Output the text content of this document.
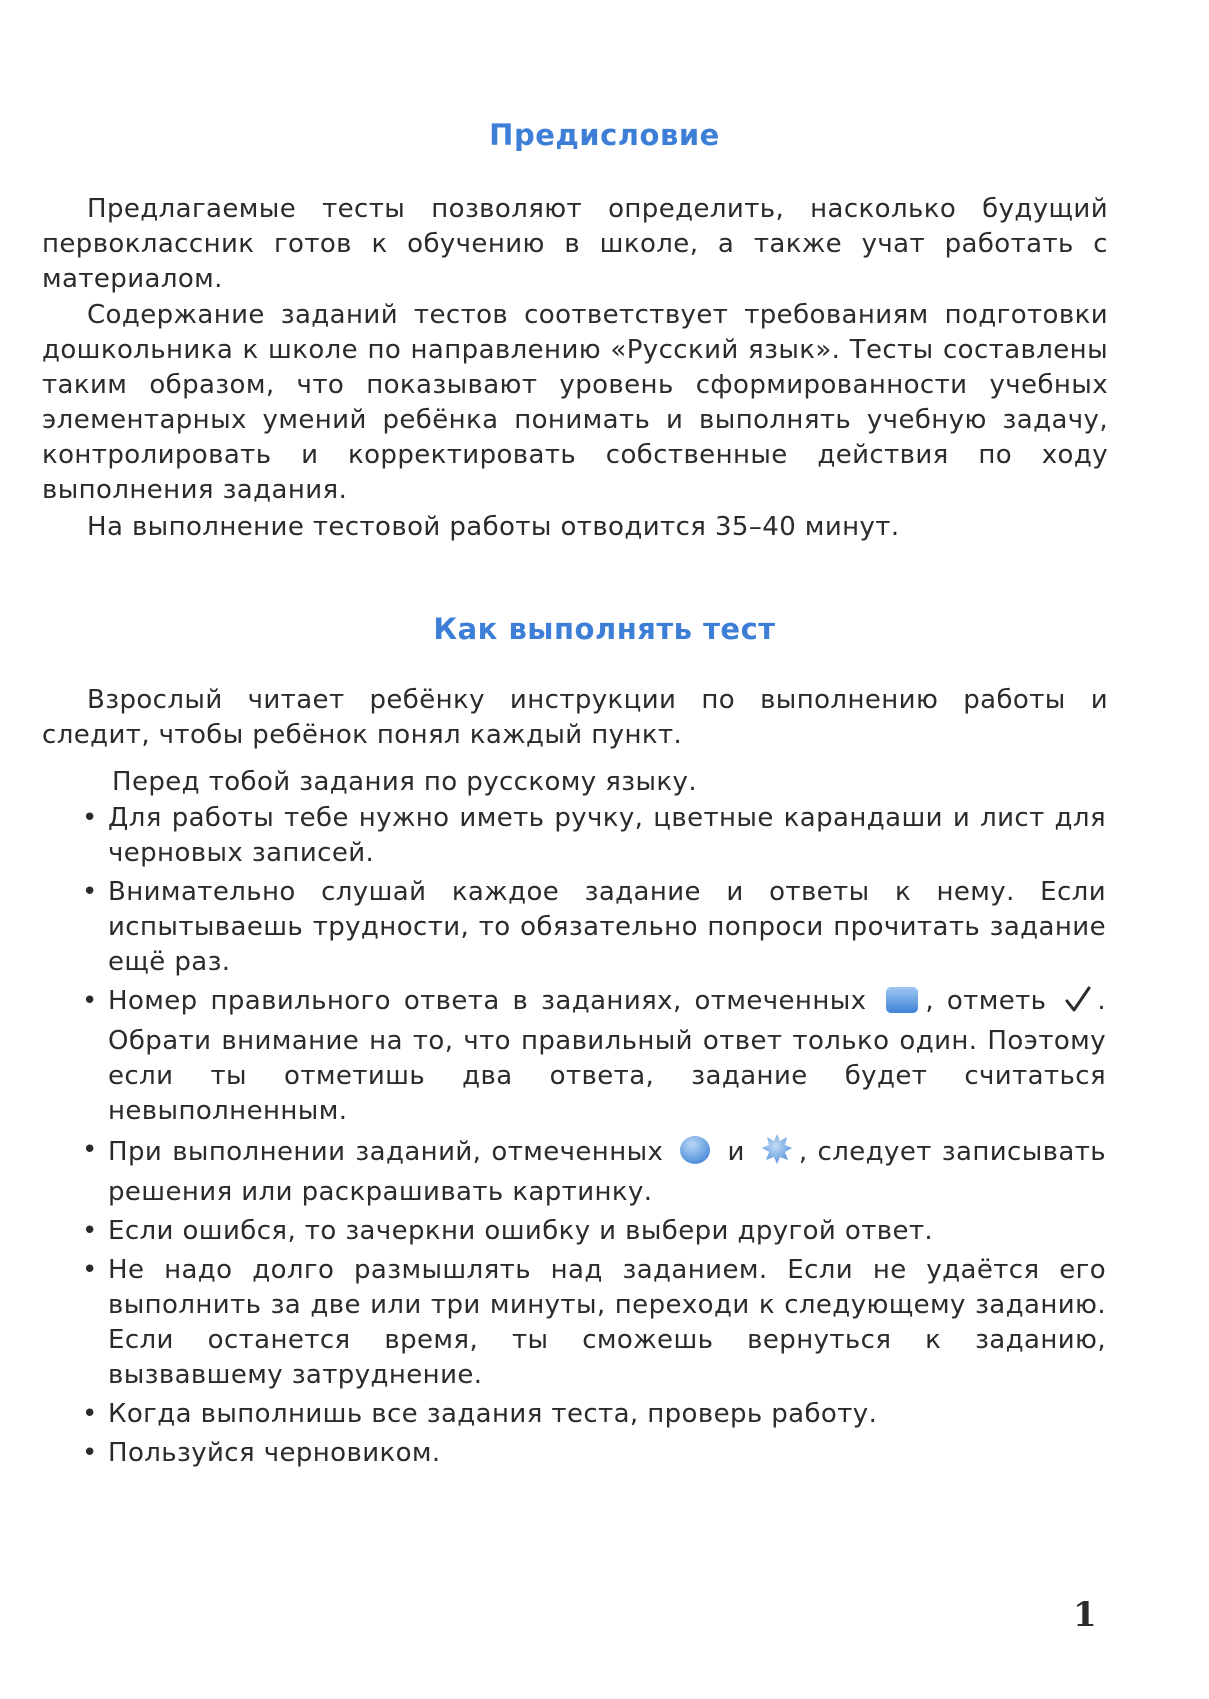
Предисловие

Предлагаемые тесты позволяют определить, насколько будущий первоклассник готов к обучению в школе, а также учат работать с материалом.

Содержание заданий тестов соответствует требованиям подготовки дошкольника к школе по направлению «Русский язык». Тесты составлены таким образом, что показывают уровень сформированности учебных элементарных умений ребёнка понимать и выполнять учебную задачу, контролировать и корректировать собственные действия по ходу выполнения задания.

На выполнение тестовой работы отводится 35–40 минут.

Как выполнять тест

Взрослый читает ребёнку инструкции по выполнению работы и следит, чтобы ребёнок понял каждый пункт.

Перед тобой задания по русскому языку.

• Для работы тебе нужно иметь ручку, цветные карандаши и лист для черновых записей.
• Внимательно слушай каждое задание и ответы к нему. Если испытываешь трудности, то обязательно попроси прочитать задание ещё раз.
• Номер правильного ответа в заданиях, отмеченных , отметь . Обрати внимание на то, что правильный ответ только один. Поэтому если ты отметишь два ответа, задание будет считаться невыполненным.
• При выполнении заданий, отмеченных и , следует записывать решения или раскрашивать картинку.
• Если ошибся, то зачеркни ошибку и выбери другой ответ.
• Не надо долго размышлять над заданием. Если не удаётся его выполнить за две или три минуты, переходи к следующему заданию. Если останется время, ты сможешь вернуться к заданию, вызвавшему затруднение.
• Когда выполнишь все задания теста, проверь работу.
• Пользуйся черновиком.
1
